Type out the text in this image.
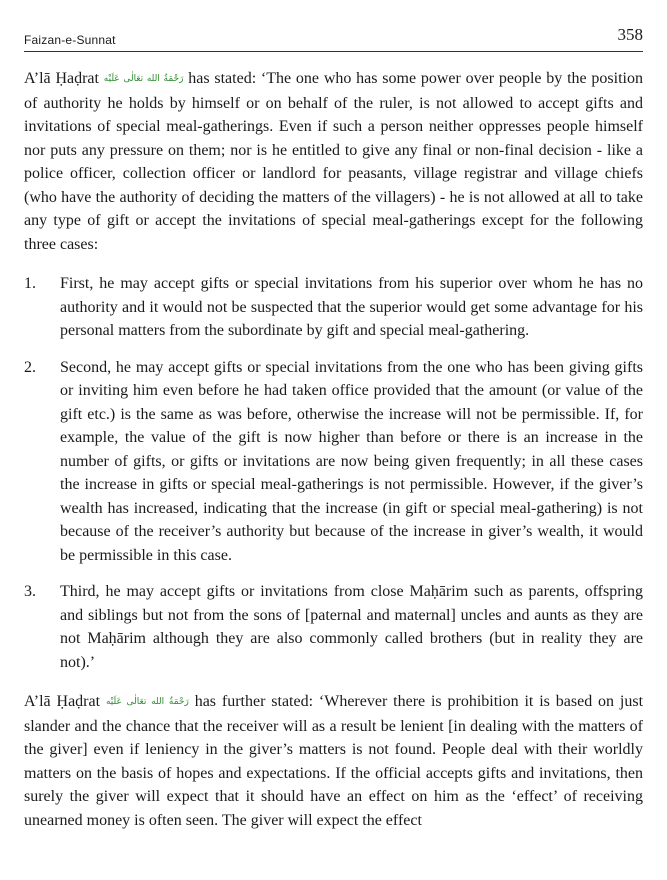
Faizan-e-Sunnat	358

A’lā Ḥaḍrat رَحْمَةُ الله تعَالٰی عَلَيْه has stated: ‘The one who has some power over people by the position of authority he holds by himself or on behalf of the ruler, is not allowed to accept gifts and invitations of special meal-gatherings. Even if such a person neither oppresses people himself nor puts any pressure on them; nor is he entitled to give any final or non-final decision - like a police officer, collection officer or landlord for peasants, village registrar and village chiefs (who have the authority of deciding the matters of the villagers) - he is not allowed at all to take any type of gift or accept the invitations of special meal-gatherings except for the following three cases:

1. First, he may accept gifts or special invitations from his superior over whom he has no authority and it would not be suspected that the superior would get some advantage for his personal matters from the subordinate by gift and special meal-gathering.
2. Second, he may accept gifts or special invitations from the one who has been giving gifts or inviting him even before he had taken office provided that the amount (or value of the gift etc.) is the same as was before, otherwise the increase will not be permissible. If, for example, the value of the gift is now higher than before or there is an increase in the number of gifts, or gifts or invitations are now being given frequently; in all these cases the increase in gifts or special meal-gatherings is not permissible. However, if the giver’s wealth has increased, indicating that the increase (in gift or special meal-gathering) is not because of the receiver’s authority but because of the increase in giver’s wealth, it would be permissible in this case.
3. Third, he may accept gifts or invitations from close Maḥārim such as parents, offspring and siblings but not from the sons of [paternal and maternal] uncles and aunts as they are not Maḥārim although they are also commonly called brothers (but in reality they are not).’

A’lā Ḥaḍrat رَحْمَةُ الله تعَالٰی عَلَيْه has further stated: ‘Wherever there is prohibition it is based on just slander and the chance that the receiver will as a result be lenient [in dealing with the matters of the giver] even if leniency in the giver’s matters is not found. People deal with their worldly matters on the basis of hopes and expectations. If the official accepts gifts and invitations, then surely the giver will expect that it should have an effect on him as the ‘effect’ of receiving unearned money is often seen. The giver will expect the effect
